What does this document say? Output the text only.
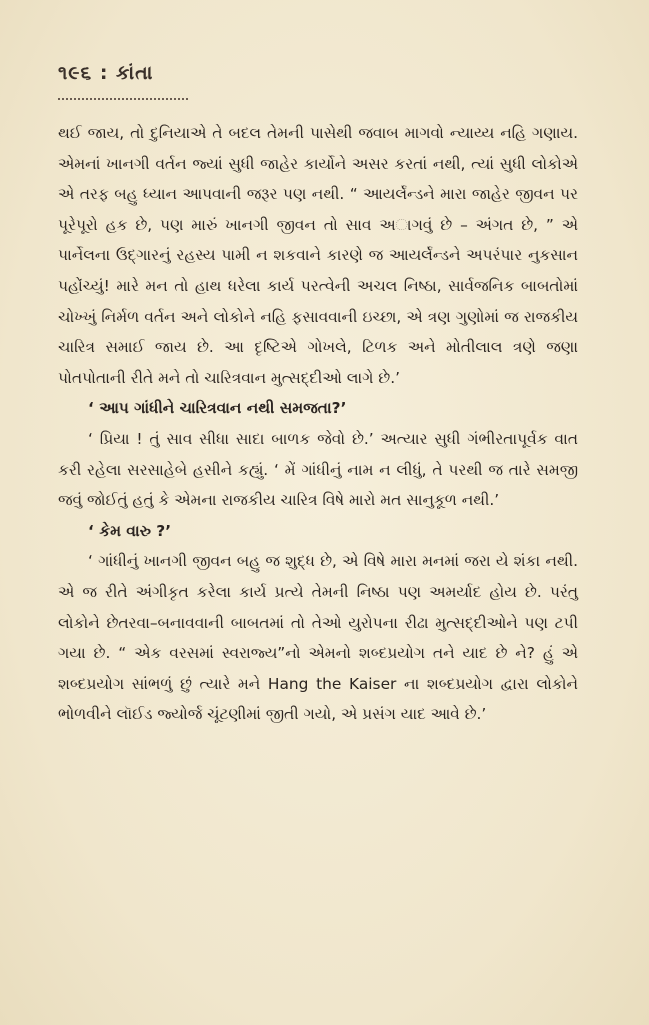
૧૯૬ : કાંતા

થઈ જાય, તો દુનિયાએ તે બદલ તેમની પાસેથી જવાબ માગવો ન્યાય્ય નહિ ગણાય. એમનાં ખાનગી વર્તન જ્યાં સુધી જાહેર કાર્યોને અસર કરતાં નથી, ત્યાં સુધી લોકોએ એ તરફ બહુ ધ્યાન આપવાની જરૂર પણ નથી. “ આયર્લૅન્ડને મારા જાહેર જીવન પર પૂરેપૂરો હક છે, પણ મારું ખાનગી જીવન તો સાવ અાગવું છે – અંગત છે, ” એ પાર્નેલના ઉદ્‌ગારનું રહસ્ય પામી ન શકવાને કારણે જ આયર્લૅન્ડને અપરંપાર નુકસાન પહોંચ્યું! મારે મન તો હાથ ધરેલા કાર્ય પરત્વેની અચલ નિષ્ઠા, સાર્વજનિક બાબતોમાં ચોખ્ખું નિર્મળ વર્તન અને લોકોને નહિ ફસાવવાની ઇચ્છા, એ ત્રણ ગુણોમાં જ રાજકીય ચારિત્ર સમાઈ જાય છે. આ દૃષ્ટિએ ગોખલે, ટિળક અને મોતીલાલ ત્રણે જણા પોતપોતાની રીતે મને તો ચારિત્રવાન મુત્સદ્દીઓ લાગે છે.’

‘ આપ ગાંધીને ચારિત્રવાન નથી સમજતા?’

‘ પ્રિયા ! તું સાવ સીધા સાદા બાળક જેવો છે.’ અત્યાર સુધી ગંભીરતાપૂર્વક વાત કરી રહેલા સરસાહેબે હસીને કહ્યું. ‘ મેં ગાંધીનું નામ ન લીધું, તે પરથી જ તારે સમજી જવું જોઈતું હતું કે એમના રાજકીય ચારિત્ર વિષે મારો મત સાનુકૂળ નથી.’

‘ કેમ વારુ ?’

‘ ગાંધીનું ખાનગી જીવન બહુ જ શુદ્ધ છે, એ વિષે મારા મનમાં જરા યે શંકા નથી. એ જ રીતે અંગીકૃત કરેલા કાર્ય પ્રત્યે તેમની નિષ્ઠા પણ અમર્યાદ હોય છે. પરંતુ લોકોને છેતરવા–બનાવવાની બાબતમાં તો તેઓ યુરોપના રીઢા મુત્સદ્દીઓને પણ ટપી ગયા છે. “ એક વરસમાં સ્વરાજ્ય”નો એમનો શબ્દપ્રયોગ તને યાદ છે ને? હું એ શબ્દપ્રયોગ સાંભળું છું ત્યારે મને Hang the Kaiser ના શબ્દપ્રયોગ દ્વારા લોકોને ભોળવીને લૉઈડ જ્યોર્જ ચૂંટણીમાં જીતી ગયો, એ પ્રસંગ યાદ આવે છે.’
